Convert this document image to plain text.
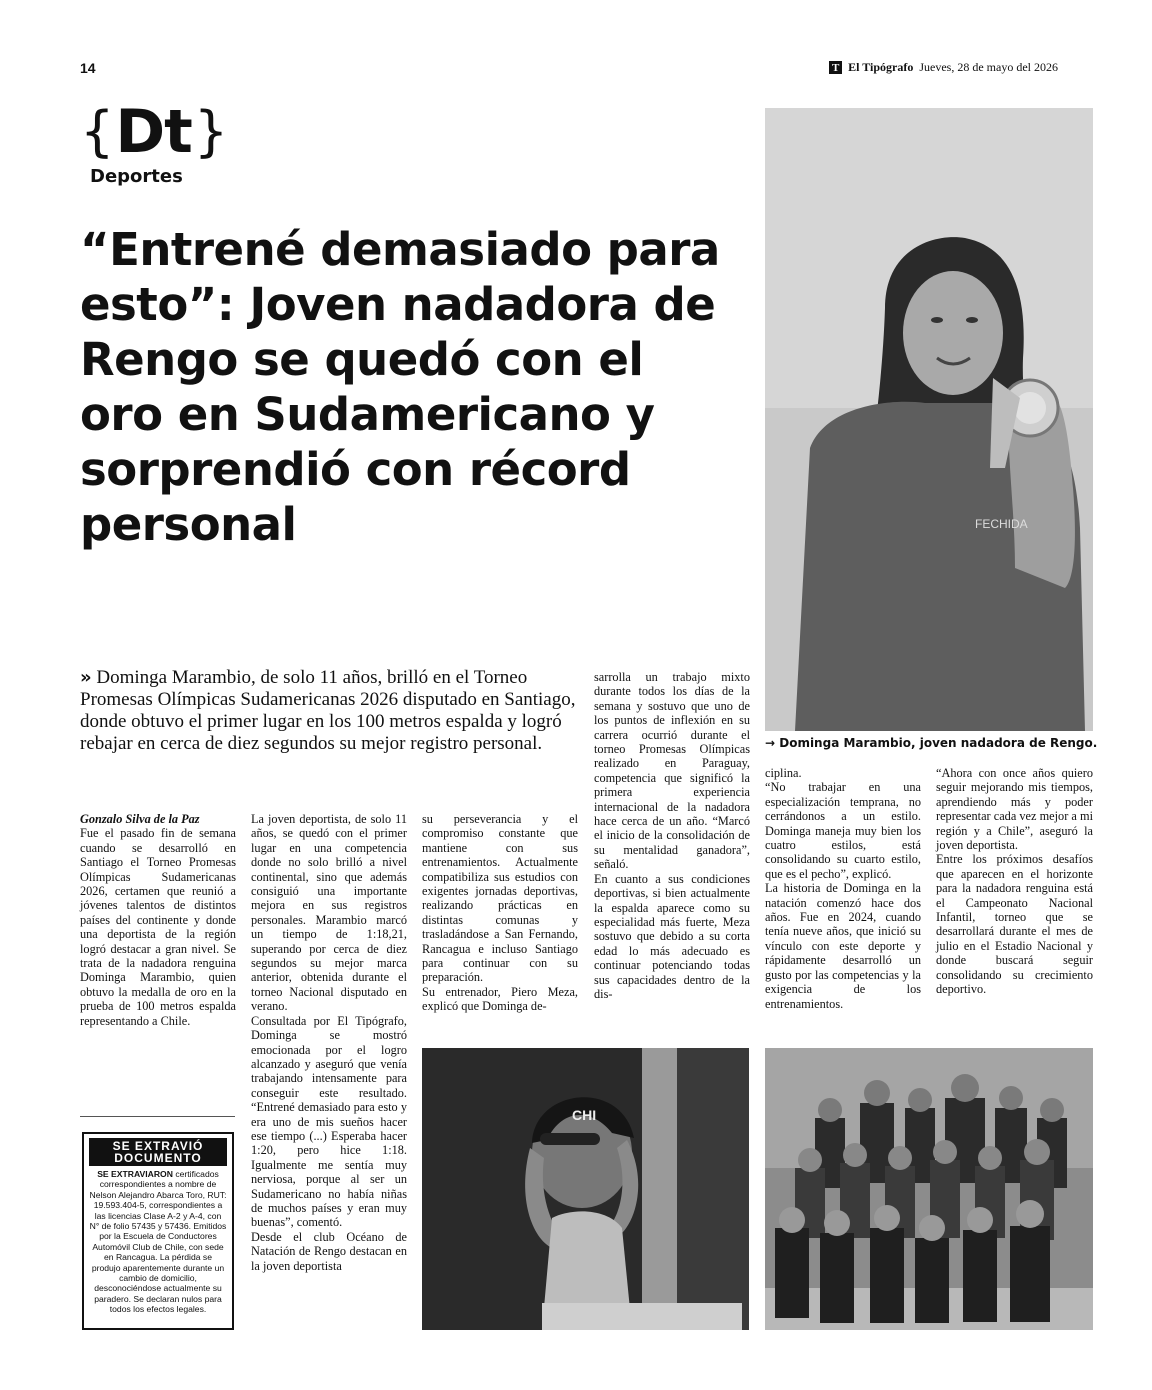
14	T El Tipógrafo Jueves, 28 de mayo del 2026
{ Dt }
Deportes
“Entrené demasiado para esto”: Joven nadadora de Rengo se quedó con el oro en Sudamericano y sorprendió con récord personal	FECHIDA
→ Dominga Marambio, joven nadadora de Rengo.
» Dominga Marambio, de solo 11 años, brilló en el Torneo Promesas Olímpicas Sudamericanas 2026 disputado en Santiago, donde obtuvo el primer lugar en los 100 metros espalda y logró rebajar en cerca de diez segundos su mejor registro personal.

Gonzalo Silva de la Paz

Fue el pasado fin de semana cuando se desarrolló en Santiago el Torneo Promesas Olímpicas Sudamericanas 2026, certamen que reunió a jóvenes talentos de distintos países del continente y donde una deportista de la región logró destacar a gran nivel. Se trata de la nadadora renguina Dominga Marambio, quien obtuvo la medalla de oro en la prueba de 100 metros espalda representando a Chile.

SE EXTRAVIÓ
DOCUMENTO
SE EXTRAVIARON certificados correspondientes a nombre de Nelson Alejandro Abarca Toro, RUT: 19.593.404-5, correspondientes a las licencias Clase A-2 y A-4, con N° de folio 57435 y 57436. Emitidos por la Escuela de Conductores Automóvil Club de Chile, con sede en Rancagua. La pérdida se produjo aparentemente durante un cambio de domicilio, desconociéndose actualmente su paradero. Se declaran nulos para todos los efectos legales.

La joven deportista, de solo 11 años, se quedó con el primer lugar en una competencia donde no solo brilló a nivel continental, sino que además consiguió una importante mejora en sus registros personales. Marambio marcó un tiempo de 1:18,21, superando por cerca de diez segundos su mejor marca anterior, obtenida durante el torneo Nacional disputado en verano.

Consultada por El Tipógrafo, Dominga se mostró emocionada por el logro alcanzado y aseguró que venía trabajando intensamente para conseguir este resultado. “Entrené demasiado para esto y era uno de mis sueños hacer ese tiempo (...) Esperaba hacer 1:20, pero hice 1:18. Igualmente me sentía muy nerviosa, porque al ser un Sudamericano no había niñas de muchos países y eran muy buenas”, comentó.

Desde el club Océano de Natación de Rengo destacan en la joven deportista

su perseverancia y el compromiso constante que mantiene con sus entrenamientos. Actualmente compatibiliza sus estudios con exigentes jornadas deportivas, realizando prácticas en distintas comunas y trasladándose a San Fernando, Rancagua e incluso Santiago para continuar con su preparación.

Su entrenador, Piero Meza, explicó que Dominga de-

sarrolla un trabajo mixto durante todos los días de la semana y sostuvo que uno de los puntos de inflexión en su carrera ocurrió durante el torneo Promesas Olímpicas realizado en Paraguay, competencia que significó la primera experiencia internacional de la nadadora hace cerca de un año. “Marcó el inicio de la consolidación de su mentalidad ganadora”, señaló.

En cuanto a sus condiciones deportivas, si bien actualmente la espalda aparece como su especialidad más fuerte, Meza sostuvo que debido a su corta edad lo más adecuado es continuar potenciando todas sus capacidades dentro de la dis-

ciplina.

“No trabajar en una especialización temprana, no cerrándonos a un estilo. Dominga maneja muy bien los cuatro estilos, está consolidando su cuarto estilo, que es el pecho”, explicó.

La historia de Dominga en la natación comenzó hace dos años. Fue en 2024, cuando tenía nueve años, que inició su vínculo con este deporte y rápidamente desarrolló un gusto por las competencias y la exigencia de los entrenamientos.

“Ahora con once años quiero seguir mejorando mis tiempos, aprendiendo más y poder representar cada vez mejor a mi región y a Chile”, aseguró la joven deportista.

Entre los próximos desafíos que aparecen en el horizonte para la nadadora renguina está el Campeonato Nacional Infantil, torneo que se desarrollará durante el mes de julio en el Estadio Nacional y donde buscará seguir consolidando su crecimiento deportivo.

CHI
